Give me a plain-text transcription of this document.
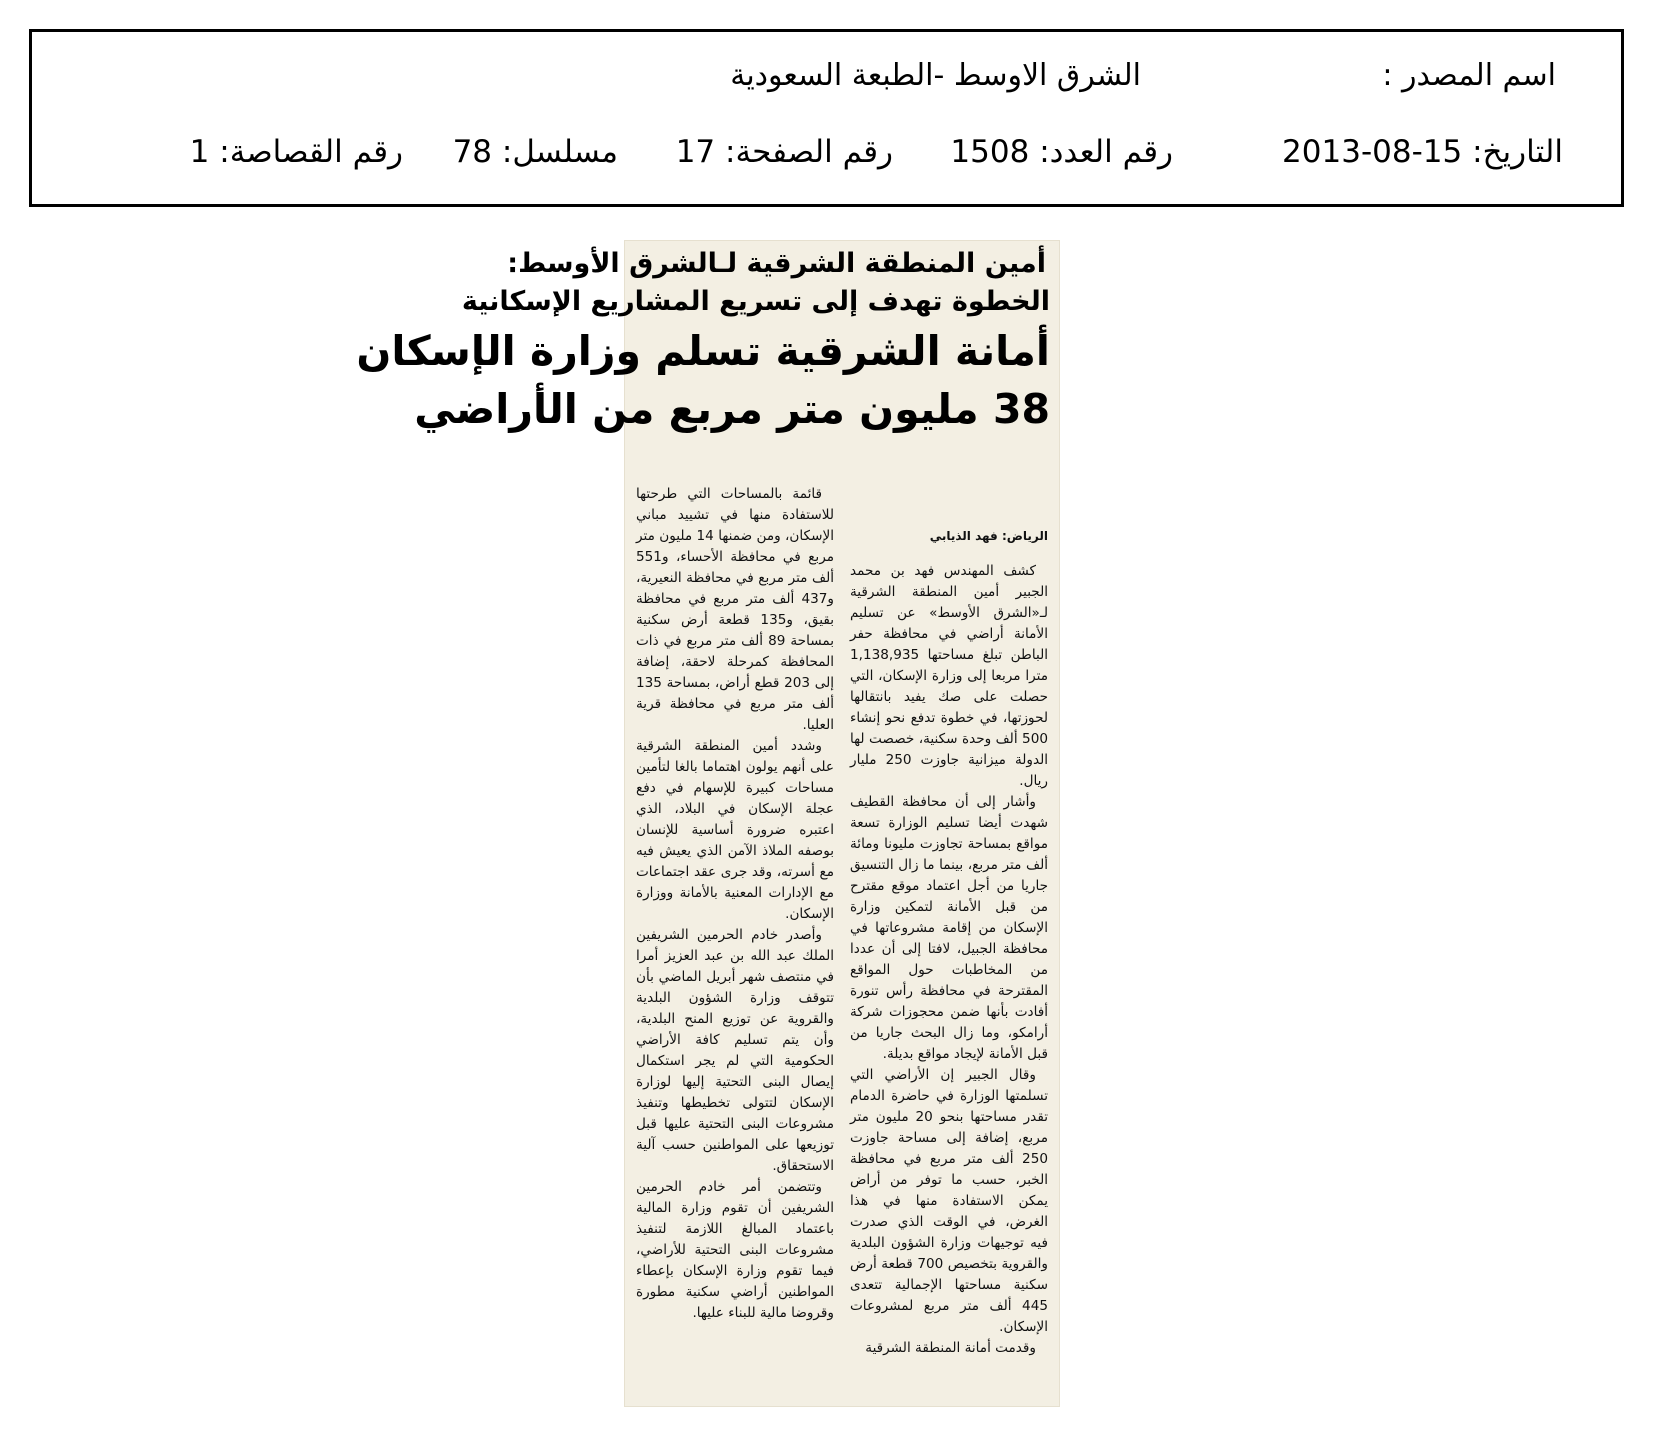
اسم المصدر :
الشرق الاوسط -الطبعة السعودية
التاريخ: 2013-08-15
رقم العدد: 1508
رقم الصفحة: 17
مسلسل: 78
رقم القصاصة: 1
أمين المنطقة الشرقية لـالشرق الأوسط:
الخطوة تهدف إلى تسريع المشاريع الإسكانية
أمانة الشرقية تسلم وزارة الإسكان
38 مليون متر مربع من الأراضي
الرياض: فهد الذيابي

كشف المهندس فهد بن محمد الجبير أمين المنطقة الشرقية لـ«الشرق الأوسط» عن تسليم الأمانة أراضي في محافظة حفر الباطن تبلغ مساحتها 1,138,935 مترا مربعا إلى وزارة الإسكان، التي حصلت على صك يفيد بانتقالها لحوزتها، في خطوة تدفع نحو إنشاء 500 ألف وحدة سكنية، خصصت لها الدولة ميزانية جاوزت 250 مليار ريال.

وأشار إلى أن محافظة القطيف شهدت أيضا تسليم الوزارة تسعة مواقع بمساحة تجاوزت مليونا ومائة ألف متر مربع، بينما ما زال التنسيق جاريا من أجل اعتماد موقع مقترح من قبل الأمانة لتمكين وزارة الإسكان من إقامة مشروعاتها في محافظة الجبيل، لافتا إلى أن عددا من المخاطبات حول المواقع المقترحة في محافظة رأس تنورة أفادت بأنها ضمن محجوزات شركة أرامكو، وما زال البحث جاريا من قبل الأمانة لإيجاد مواقع بديلة.

وقال الجبير إن الأراضي التي تسلمتها الوزارة في حاضرة الدمام تقدر مساحتها بنحو 20 مليون متر مربع، إضافة إلى مساحة جاوزت 250 ألف متر مربع في محافظة الخبر، حسب ما توفر من أراض يمكن الاستفادة منها في هذا الغرض، في الوقت الذي صدرت فيه توجيهات وزارة الشؤون البلدية والقروية بتخصيص 700 قطعة أرض سكنية مساحتها الإجمالية تتعدى 445 ألف متر مربع لمشروعات الإسكان.

وقدمت أمانة المنطقة الشرقية

قائمة بالمساحات التي طرحتها للاستفادة منها في تشييد مباني الإسكان، ومن ضمنها 14 مليون متر مربع في محافظة الأحساء، و551 ألف متر مربع في محافظة النعيرية، و437 ألف متر مربع في محافظة بقيق، و135 قطعة أرض سكنية بمساحة 89 ألف متر مربع في ذات المحافظة كمرحلة لاحقة، إضافة إلى 203 قطع أراض، بمساحة 135 ألف متر مربع في محافظة قرية العليا.

وشدد أمين المنطقة الشرقية على أنهم يولون اهتماما بالغا لتأمين مساحات كبيرة للإسهام في دفع عجلة الإسكان في البلاد، الذي اعتبره ضرورة أساسية للإنسان بوصفه الملاذ الآمن الذي يعيش فيه مع أسرته، وقد جرى عقد اجتماعات مع الإدارات المعنية بالأمانة ووزارة الإسكان.

وأصدر خادم الحرمين الشريفين الملك عبد الله بن عبد العزيز أمرا في منتصف شهر أبريل الماضي بأن تتوقف وزارة الشؤون البلدية والقروية عن توزيع المنح البلدية، وأن يتم تسليم كافة الأراضي الحكومية التي لم يجر استكمال إيصال البنى التحتية إليها لوزارة الإسكان لتتولى تخطيطها وتنفيذ مشروعات البنى التحتية عليها قبل توزيعها على المواطنين حسب آلية الاستحقاق.

وتتضمن أمر خادم الحرمين الشريفين أن تقوم وزارة المالية باعتماد المبالغ اللازمة لتنفيذ مشروعات البنى التحتية للأراضي، فيما تقوم وزارة الإسكان بإعطاء المواطنين أراضي سكنية مطورة وقروضا مالية للبناء عليها.
